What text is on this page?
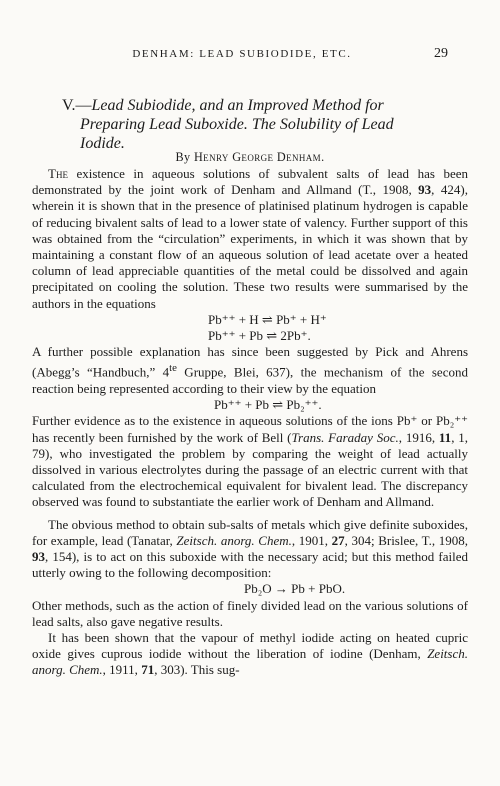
DENHAM: LEAD SUBIODIDE, ETC.	29
V.—Lead Subiodide, and an Improved Method for
Preparing Lead Suboxide. The Solubility of Lead
Iodide.
By Henry George Denham.

The existence in aqueous solutions of subvalent salts of lead has been demonstrated by the joint work of Denham and Allmand (T., 1908, 93, 424), wherein it is shown that in the presence of platinised platinum hydrogen is capable of reducing bivalent salts of lead to a lower state of valency. Further support of this was obtained from the “circulation” experiments, in which it was shown that by maintaining a constant flow of an aqueous solution of lead acetate over a heated column of lead appreciable quantities of the metal could be dissolved and again precipitated on cooling the solution. These two results were summarised by the authors in the equations

Pb⁺⁺ + H ⇌ Pb⁺ + H⁺

Pb⁺⁺ + Pb ⇌ 2Pb⁺.

A further possible explanation has since been suggested by Pick and Ahrens (Abegg’s “Handbuch,” $4^{te}$ Gruppe, Blei, 637), the mechanism of the second reaction being represented according to their view by the equation

Pb⁺⁺ + Pb ⇌ Pb₂⁺⁺.

Further evidence as to the existence in aqueous solutions of the ions Pb⁺ or Pb₂⁺⁺ has recently been furnished by the work of Bell (Trans. Faraday Soc., 1916, 11, 1, 79), who investigated the problem by comparing the weight of lead actually dissolved in various electrolytes during the passage of an electric current with that calculated from the electrochemical equivalent for bivalent lead. The discrepancy observed was found to substantiate the earlier work of Denham and Allmand.

The obvious method to obtain sub-salts of metals which give definite suboxides, for example, lead (Tanatar, Zeitsch. anorg. Chem., 1901, 27, 304; Brislee, T., 1908, 93, 154), is to act on this suboxide with the necessary acid; but this method failed utterly owing to the following decomposition:

Pb₂O → Pb + PbO.

Other methods, such as the action of finely divided lead on the various solutions of lead salts, also gave negative results.

It has been shown that the vapour of methyl iodide acting on heated cupric oxide gives cuprous iodide without the liberation of iodine (Denham, Zeitsch. anorg. Chem., 1911, 71, 303). This sug-
